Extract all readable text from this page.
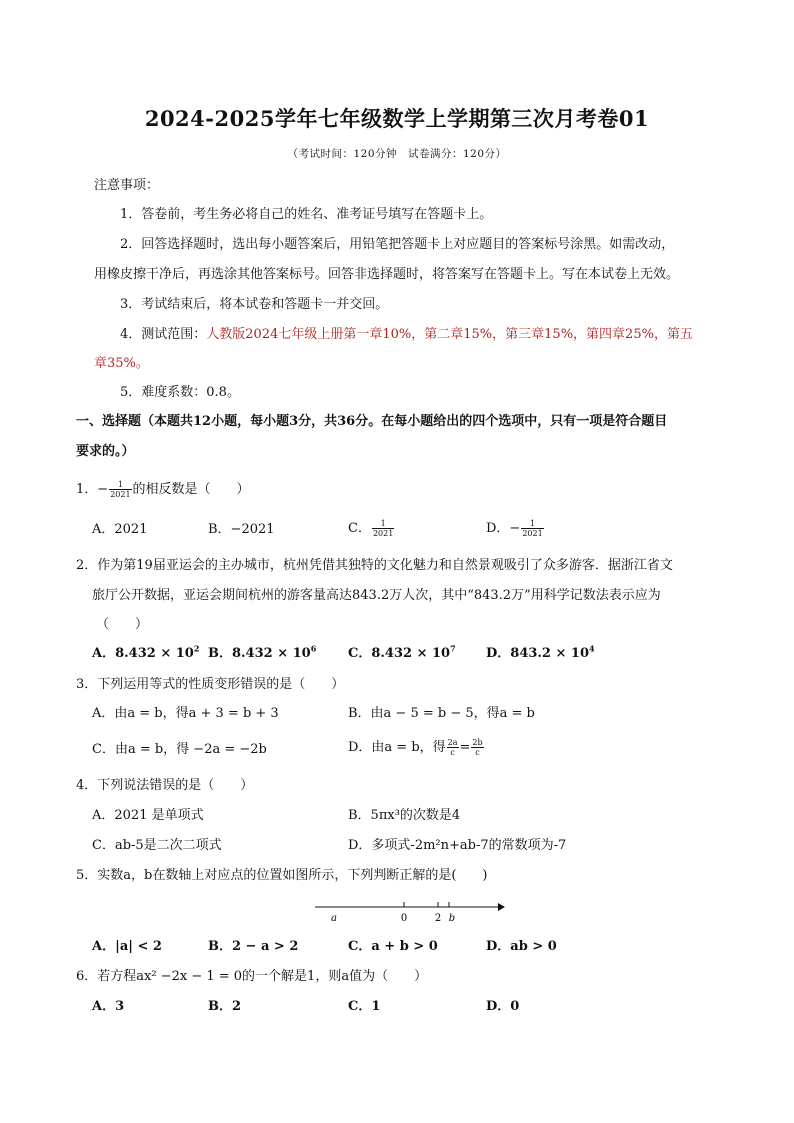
2024-2025学年七年级数学上学期第三次月考卷01
（考试时间：120分钟　试卷满分：120分）
注意事项：
1．答卷前，考生务必将自己的姓名、准考证号填写在答题卡上。
2．回答选择题时，选出每小题答案后，用铅笔把答题卡上对应题目的答案标号涂黑。如需改动，
用橡皮擦干净后，再选涂其他答案标号。回答非选择题时，将答案写在答题卡上。写在本试卷上无效。
3．考试结束后，将本试卷和答题卡一并交回。
4．测试范围：人教版2024七年级上册第一章10%，第二章15%，第三章15%，第四章25%，第五
章35%。
5．难度系数：0.8。
一、选择题（本题共12小题，每小题3分，共36分。在每小题给出的四个选项中，只有一项是符合题目
要求的。）
1．− $\frac{1}{2021}$ 的相反数是（　　）
A．2021	B．−2021	C． $\frac{1}{2021}$	D．− $\frac{1}{2021}$
2．作为第19届亚运会的主办城市，杭州凭借其独特的文化魅力和自然景观吸引了众多游客．据浙江省文
旅厅公开数据，亚运会期间杭州的游客量高达843.2万人次，其中“843.2万”用科学记数法表示应为
（　　）
A．$8.432 \times 10^2$ B．$8.432 \times 10^6$ C．$8.432 \times 10^7$ D．$843.2 \times 10^4$
3．下列运用等式的性质变形错误的是（　　）
A．由a = b，得a + 3 = b + 3	B．由a − 5 = b − 5，得a = b
C．由a = b，得 −2a = −2b	D．由a = b，得 $\frac{2a}{c} = \frac{2b}{c}$
4．下列说法错误的是（　　）
A．2021 是单项式	B．5πx³的次数是4
C．ab-5是二次二项式	D．多项式-2m²n+ab-7的常数项为-7
5．实数a，b在数轴上对应点的位置如图所示，下列判断正解的是(　　)
a	0	2 b
A．|a| < 2	B．2 − a > 2	C．a + b > 0	D．ab > 0
6．若方程ax² −2x − 1 = 0的一个解是1，则a值为（　　）
A．3	B．2	C．1	D．0
